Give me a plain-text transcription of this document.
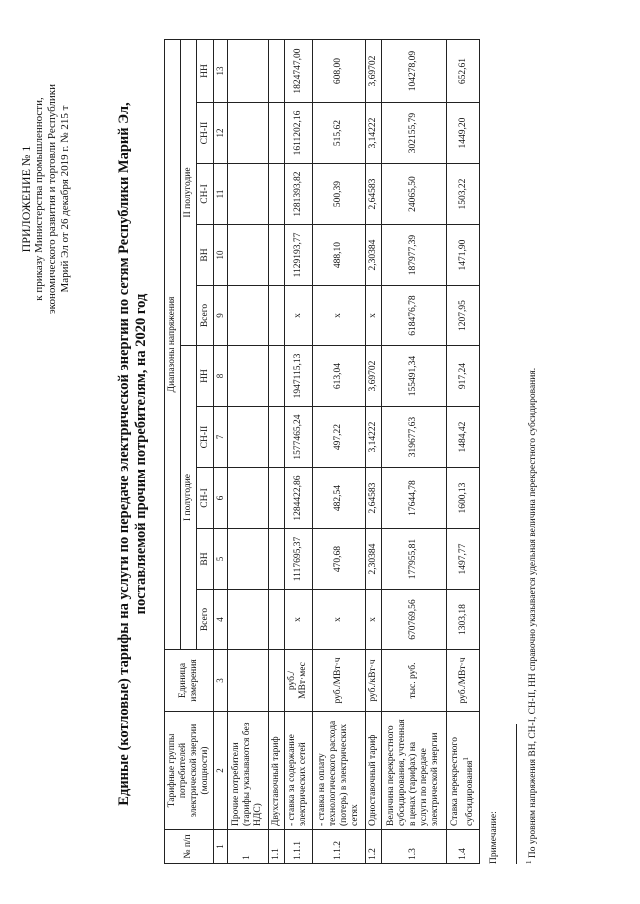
ПРИЛОЖЕНИЕ № 1 к приказу Министерства промышленности, экономического развития и торговли Республики Марий Эл от 26 декабря 2019 г. № 215 т	Единые (котловые) тарифы на услуги по передаче электрической энергии по сетям Республики Марий Эл, поставляемой прочим потребителям, на 2020 год
№ п/п	Тарифные группы потребителей электрической энергии (мощности)	Единица измерения	Диапазоны напряжения									
			I полугодие					II полугодие				
			Всего	ВН	СН-I	СН-II	НН	Всего	ВН	СН-I	СН-II	НН
1	2	3	4	5	6	7	8	9	10	11	12	13
1	Прочие потребители (тарифы указываются без НДС)											
1.1	Двухставочный тариф											
1.1.1	- ставка за содержание электрических сетей	руб./МВт·мес	х	1117695,37	1284422,86	1577465,24	1947115,13	х	1129193,77	1281393,82	1611202,16	1824747,00
1.1.2	- ставка на оплату технологического расхода (потерь) в электрических сетях	руб./МВт·ч	х	470,68	482,54	497,22	613,04	х	488,10	500,39	515,62	608,00
1.2	Одноставочный тариф	руб./кВт·ч	х	2,30384	2,64583	3,14222	3,69702	х	2,30384	2,64583	3,14222	3,69702
1.3	Величина перекрестного субсидирования, учтенная в ценах (тарифах) на услуги по передаче электрической энергии	тыс. руб.	670769,56	177955,81	17644,78	319677,63	155491,34	618476,78	187977,39	24065,50	302155,79	104278,09
1.4	Ставка перекрестного субсидирования$^1$	руб./МВт·ч	1303,18	1497,77	1600,13	1484,42	917,24	1207,95	1471,90	1503,22	1449,20	652,61
Примечание:	$^1$ По уровням напряжения ВН, СН-I, СН-II, НН справочно указывается удельная величина перекрестного субсидирования.
